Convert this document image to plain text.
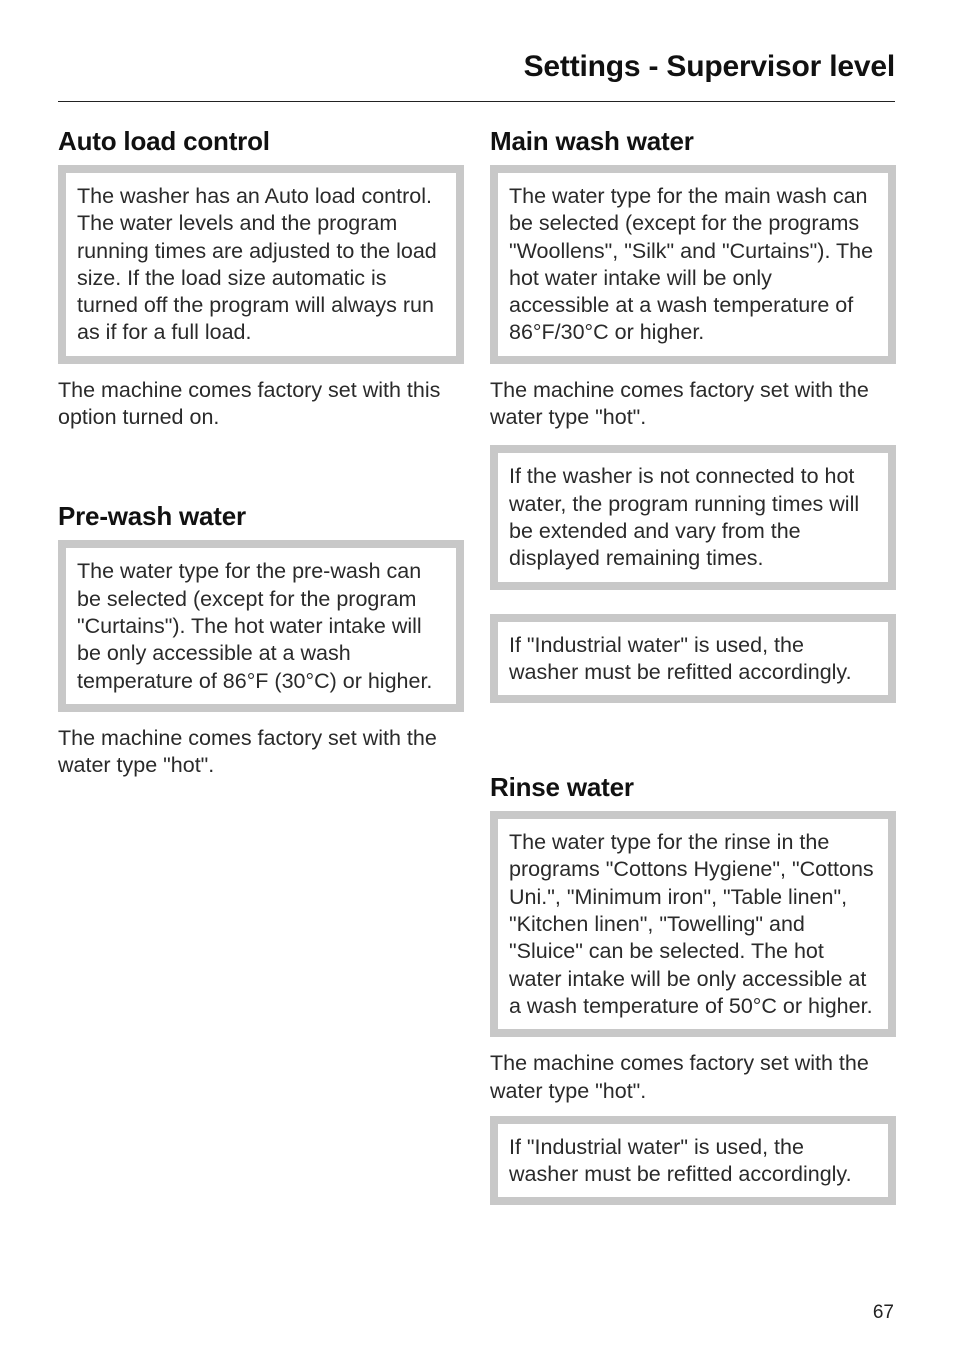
Settings - Supervisor level
Auto load control
The washer has an Auto load control. The water levels and the program running times are adjusted to the load size. If the load size automatic is turned off the program will always run as if for a full load.

The machine comes factory set with this option turned on.

Pre-wash water
The water type for the pre-wash can be selected (except for the program "Curtains"). The hot water intake will be only accessible at a wash temperature of 86°F (30°C) or higher.

The machine comes factory set with the water type "hot".

Main wash water
The water type for the main wash can be selected (except for the programs "Woollens", "Silk" and "Curtains"). The hot water intake will be only accessible at a wash temperature of 86°F/30°C or higher.

The machine comes factory set with the water type "hot".

If the washer is not connected to hot water, the program running times will be extended and vary from the displayed remaining times.
If "Industrial water" is used, the washer must be refitted accordingly.
Rinse water
The water type for the rinse in the programs "Cottons Hygiene", "Cottons Uni.", "Minimum iron", "Table linen", "Kitchen linen", "Towelling" and "Sluice" can be selected. The hot water intake will be only accessible at a wash temperature of 50°C or higher.

The machine comes factory set with the water type "hot".

If "Industrial water" is used, the washer must be refitted accordingly.
67
